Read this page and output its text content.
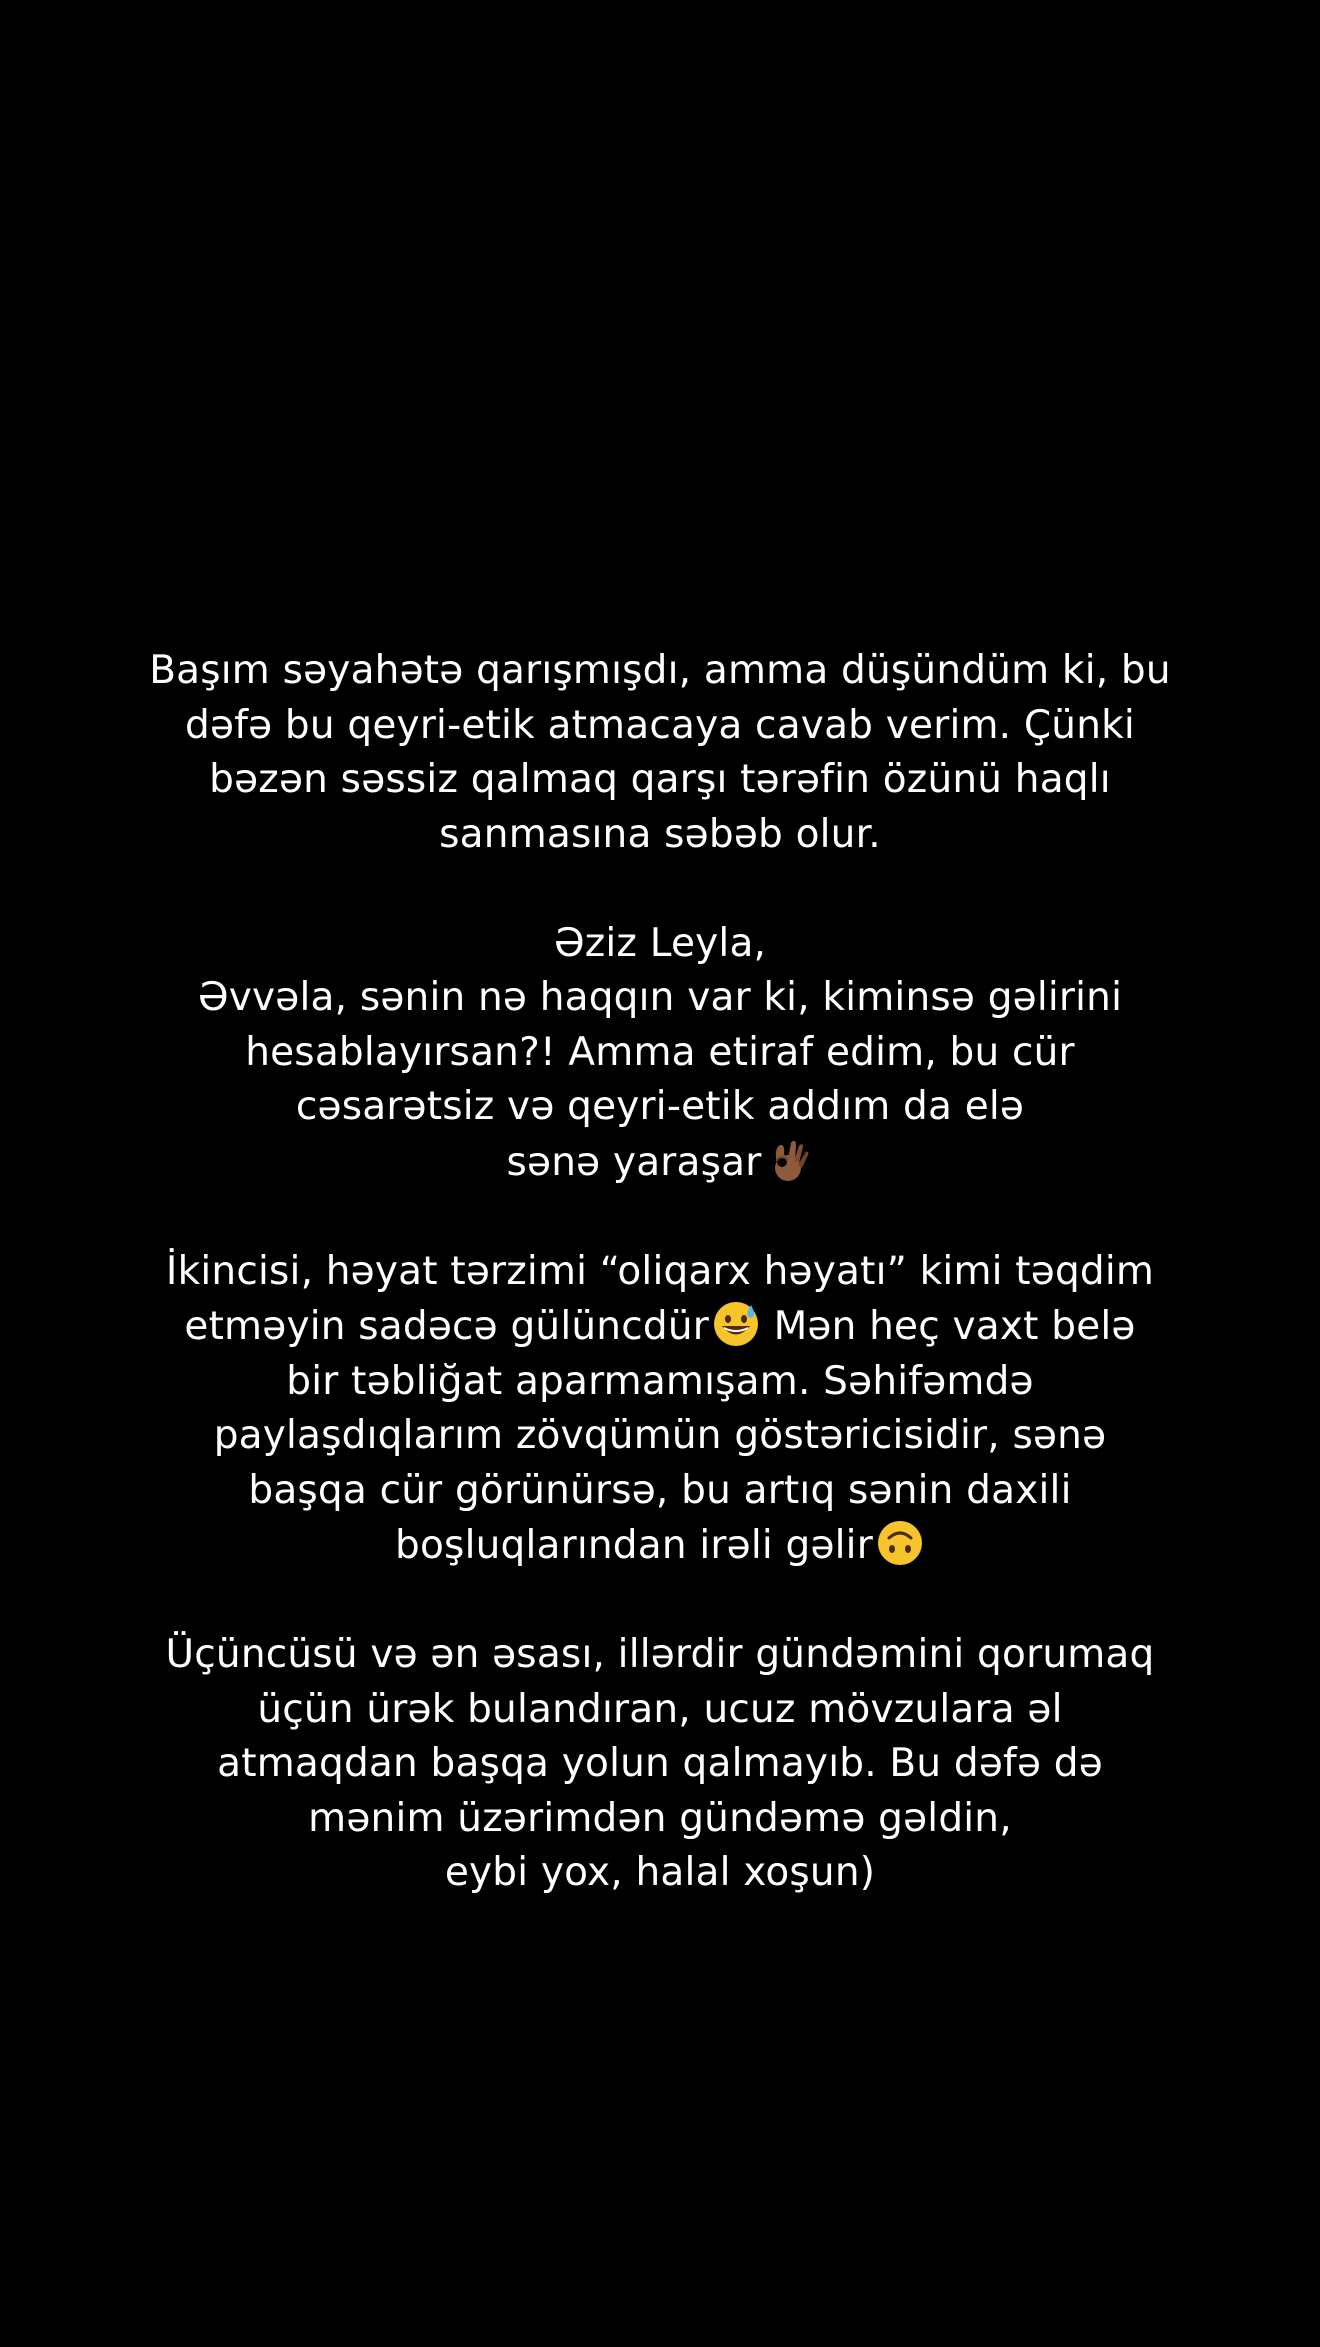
Başım səyahətə qarışmışdı, amma düşündüm ki, bu
dəfə bu qeyri-etik atmacaya cavab verim. Çünki
bəzən səssiz qalmaq qarşı tərəfin özünü haqlı
sanmasına səbəb olur.
Əziz Leyla,
Əvvəla, sənin nə haqqın var ki, kiminsə gəlirini
hesablayırsan?! Amma etiraf edim, bu cür
cəsarətsiz və qeyri-etik addım da elə
sənə yaraşar
İkincisi, həyat tərzimi “oliqarx həyatı” kimi təqdim
etməyin sadəcə gülüncdür
Mən heç vaxt belə
bir təbliğat aparmamışam. Səhifəmdə
paylaşdıqlarım zövqümün göstəricisidir, sənə
başqa cür görünürsə, bu artıq sənin daxili
boşluqlarından irəli gəlir
Üçüncüsü və ən əsası, illərdir gündəmini qorumaq
üçün ürək bulandıran, ucuz mövzulara əl
atmaqdan başqa yolun qalmayıb. Bu dəfə də
mənim üzərimdən gündəmə gəldin,
eybi yox, halal xoşun)
